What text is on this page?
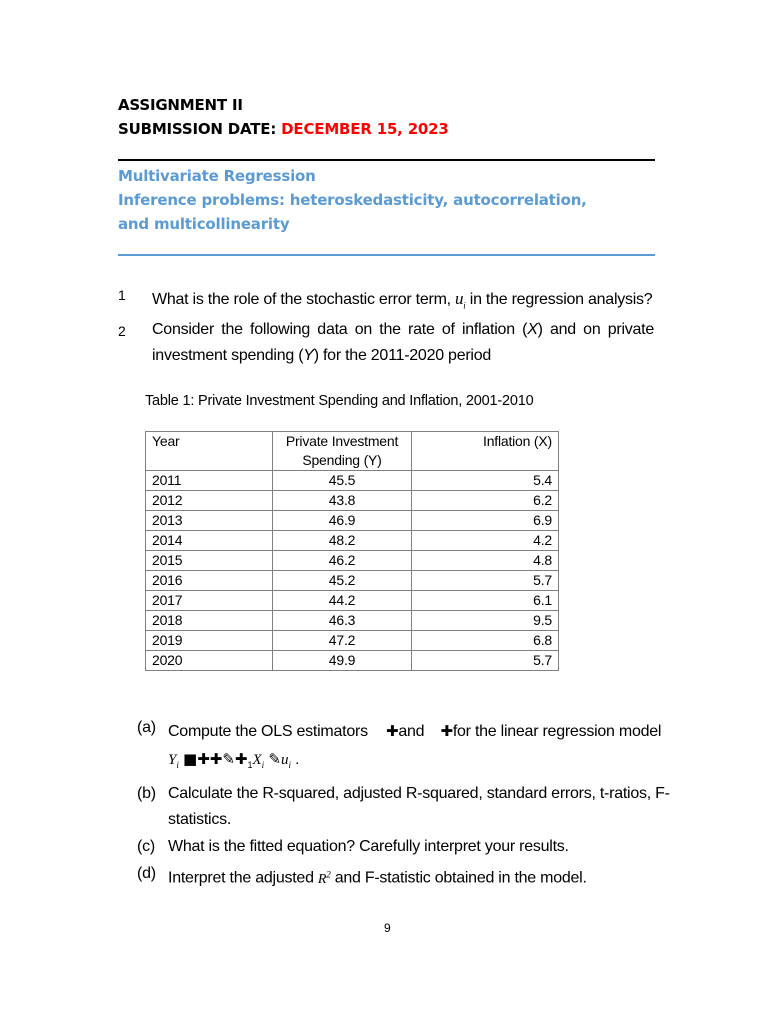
ASSIGNMENT II
SUBMISSION DATE: DECEMBER 15, 2023
Multivariate Regression
Inference problems: heteroskedasticity, autocorrelation,
and multicollinearity
1 What is the role of the stochastic error term, $u_i$ in the regression analysis?
2 Consider the following data on the rate of inflation (X) and on private
investment spending (Y) for the 2011-2020 period
Table 1: Private Investment Spending and Inflation, 2001-2010
Year	Private Investment Spending (Y)	Inflation (X)
2011	45.5	5.4
2012	43.8	6.2
2013	46.9	6.9
2014	48.2	4.2
2015	46.2	4.8
2016	45.2	5.7
2017	44.2	6.1
2018	46.3	9.5
2019	47.2	6.8
2020	49.9	5.7
(a) Compute the OLS estimators ✚and ✚for the linear regression model
$Y_i$ $■✚✚✎✚_1X_i$ $✎u_i$ .
(b) Calculate the R-squared, adjusted R-squared, standard errors, t-ratios, F-
statistics.
(c) What is the fitted equation? Carefully interpret your results.
(d) Interpret the adjusted $R^2$ and F-statistic obtained in the model.
9
